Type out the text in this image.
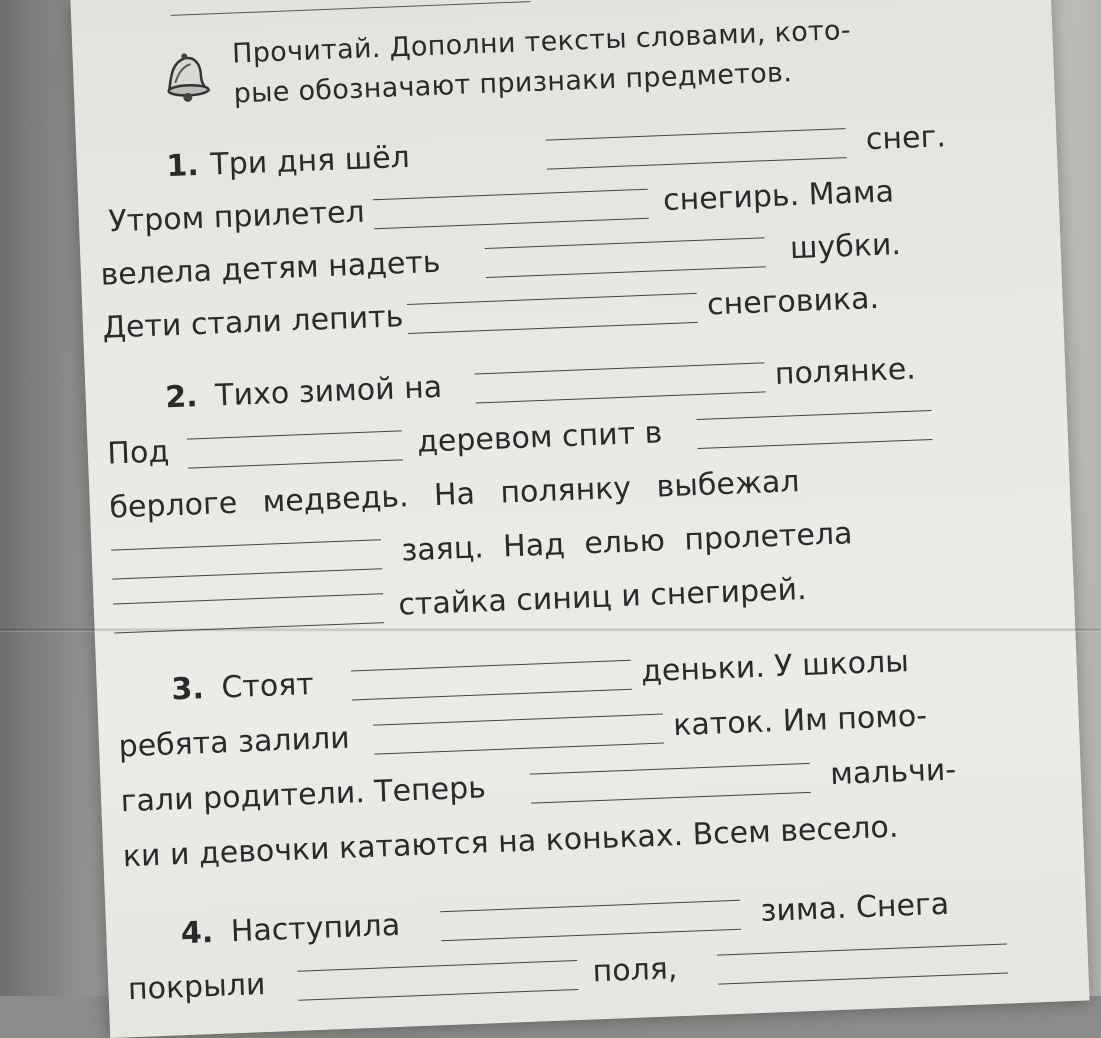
Прочитай. Дополни тексты словами, кото-
рые обозначают признаки предметов.
1. Три дня шёл
снег.
Утром прилетел	снегирь. Мама
велела детям надеть	шубки.
Дети стали лепить	снеговика.
2. Тихо зимой на	полянке.
Под	деревом спит в
берлоге медведь. На полянку выбежал
заяц. Над елью пролетела
стайка синиц и снегирей.
3. Стоят	деньки. У школы
ребята залили	каток. Им помо-
гали родители. Теперь	мальчи-
ки и девочки катаются на коньках. Всем весело.
4. Наступила	зима. Снега
покрыли	поля,
